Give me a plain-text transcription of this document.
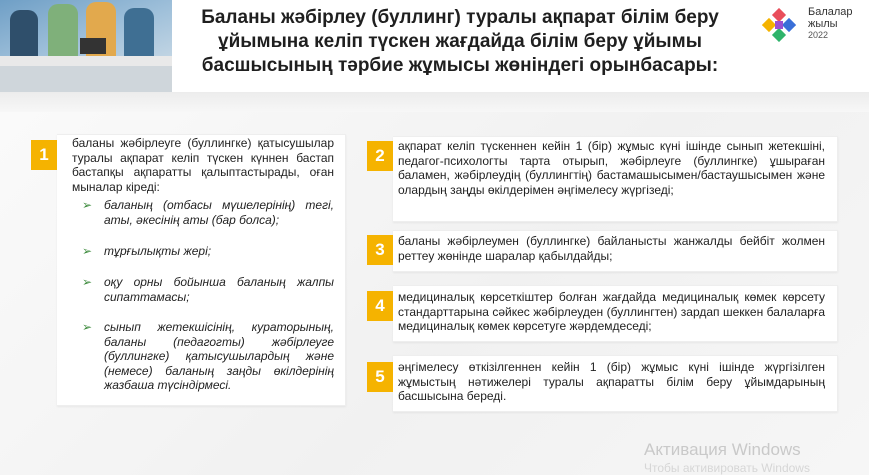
Баланы жәбірлеу (буллинг) туралы ақпарат білім беру
ұйымына келіп түскен жағдайда білім беру ұйымы
басшысының тәрбие жұмысы жөніндегі орынбасары:
Балалар
жылы
2022
1
баланы жәбірлеуге (буллингке) қатысушылар туралы ақпарат келіп түскен күннен бастап бастапқы ақпаратты қалыптастырады, оған мыналар кіреді:
➢ баланың (отбасы мүшелерінің) тегі, аты, әкесінің аты (бар болса);
➢ тұрғылықты жері;
➢ оқу орны бойынша баланың жалпы сипаттамасы;
➢ сынып жетекшісінің, кураторының, баланы (педагогты) жәбірлеуге (буллингке) қатысушылардың және (немесе) баланың заңды өкілдерінің жазбаша түсіндірмесі.
2	ақпарат келіп түскеннен кейін 1 (бір) жұмыс күні ішінде сынып жетекшіні, педагог-психологты тарта отырып, жәбірлеуге (буллингке) ұшыраған баламен, жәбірлеудің (буллингтің) бастамашысымен/бастаушысымен және олардың заңды өкілдерімен әңгімелесу жүргізеді;
3	баланы жәбірлеумен (буллингке) байланысты жанжалды бейбіт жолмен реттеу жөнінде шаралар қабылдайды;
4	медициналық көрсеткіштер болған жағдайда медициналық көмек көрсету стандарттарына сәйкес жәбірлеуден (буллингтен) зардап шеккен балаларға медициналық көмек көрсетуге жәрдемдеседі;
5	әңгімелесу өткізілгеннен кейін 1 (бір) жұмыс күні ішінде жүргізілген жұмыстың нәтижелері туралы ақпаратты білім беру ұйымдарының басшысына береді.
Активация Windows
Чтобы активировать Windows
